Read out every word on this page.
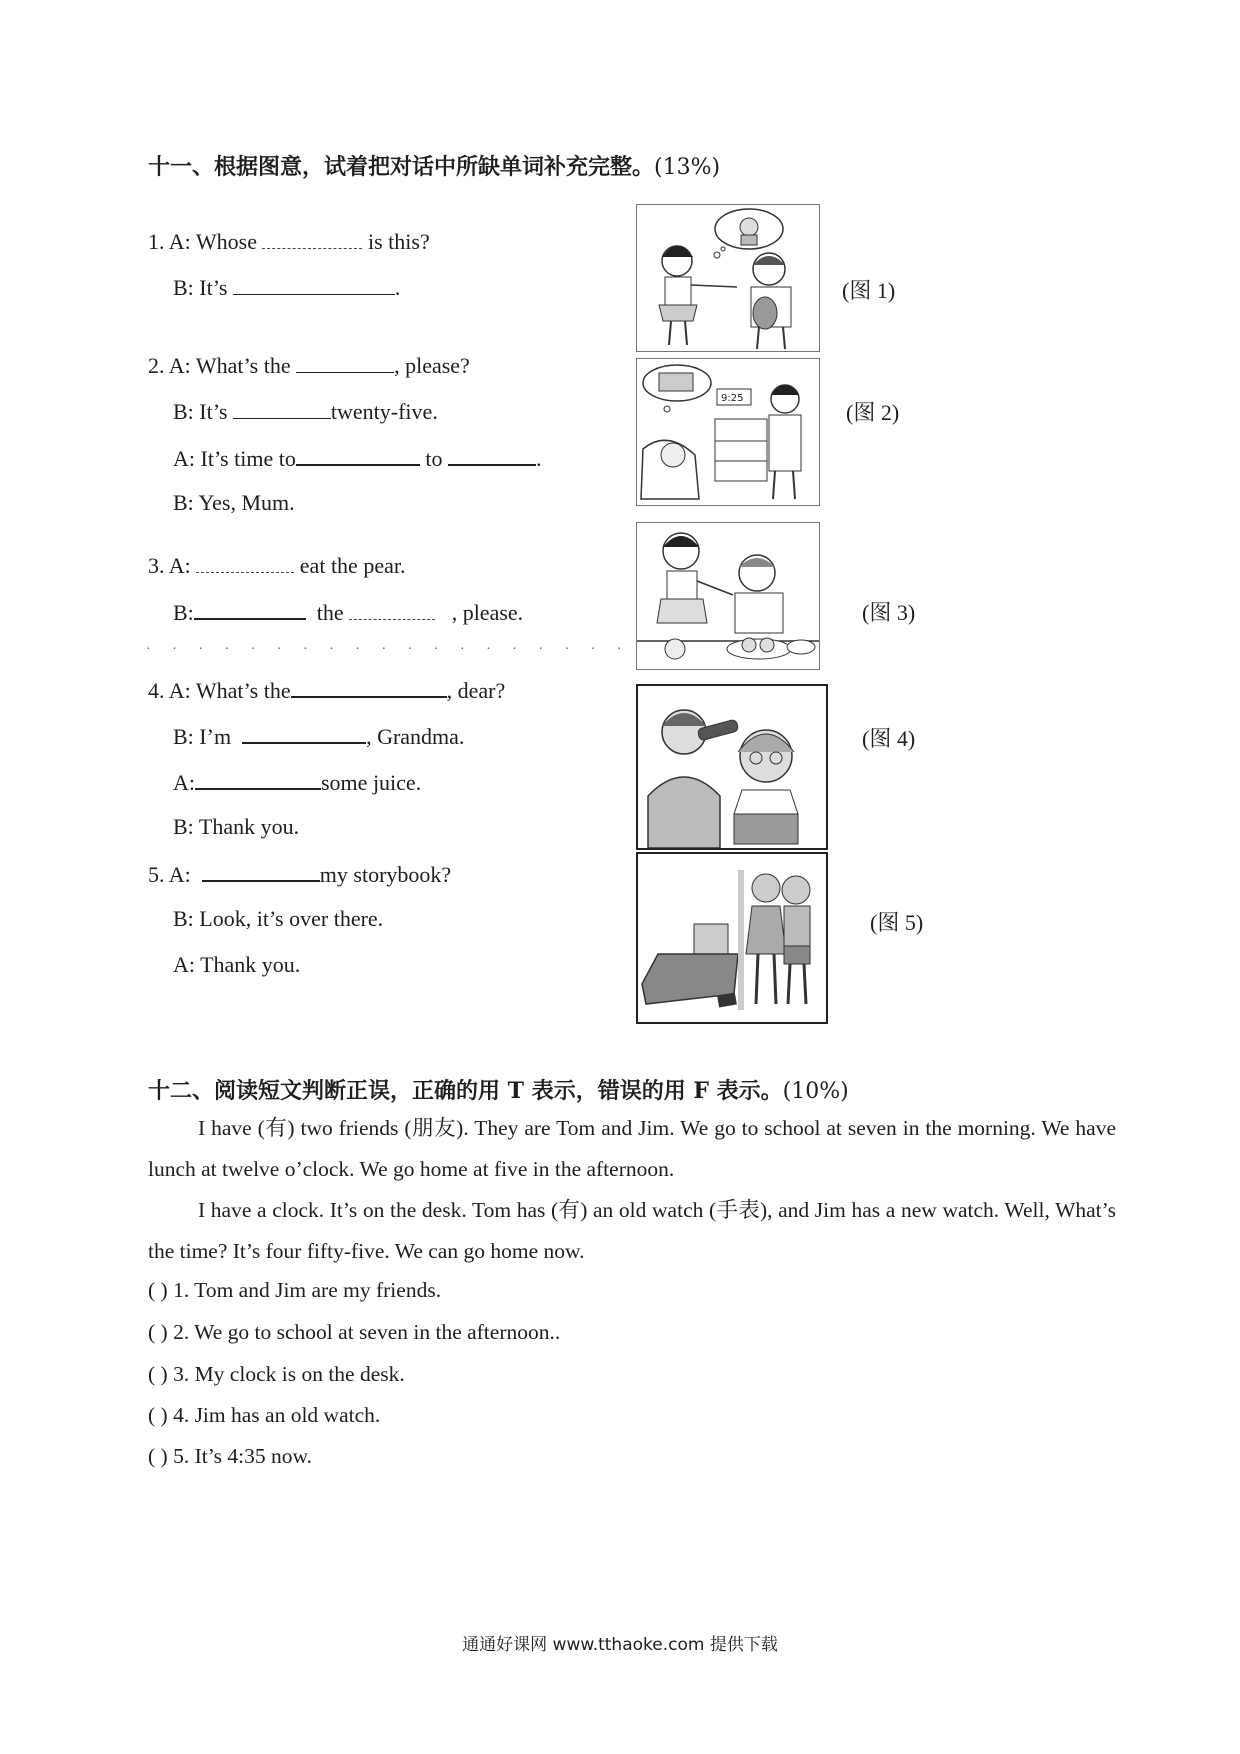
十一、根据图意，试着把对话中所缺单词补充完整。(13%)
1. A: Whose	is this?
B: It’s	.
2. A: What’s the	, please?
B: It’s	twenty-five.
A: It’s time to	to	.
B: Yes, Mum.
3. A:	eat the pear.
B:	the	, please.
· · · · · · · · · · · · · · · · · · ·
4. A: What’s the	, dear?
B: I’m	, Grandma.
A:	some juice.
B: Thank you.
5. A:	my storybook?
B: Look, it’s over there.
A: Thank you.
(图 1)
9:25
(图 2)
(图 3)
(图 4)
(图 5)
十二、阅读短文判断正误，正确的用 T 表示，错误的用 F 表示。(10%)
I have (有) two friends (朋友). They are Tom and Jim. We go to school at seven in the morning. We have lunch at twelve o’clock. We go home at five in the afternoon.
I have a clock. It’s on the desk. Tom has (有) an old watch (手表), and Jim has a new watch. Well, What’s the time? It’s four fifty-five. We can go home now.
( ) 1. Tom and Jim are my friends.
( ) 2. We go to school at seven in the afternoon..
( ) 3. My clock is on the desk.
( ) 4. Jim has an old watch.
( ) 5. It’s 4:35 now.
通通好课网 www.tthaoke.com 提供下载
